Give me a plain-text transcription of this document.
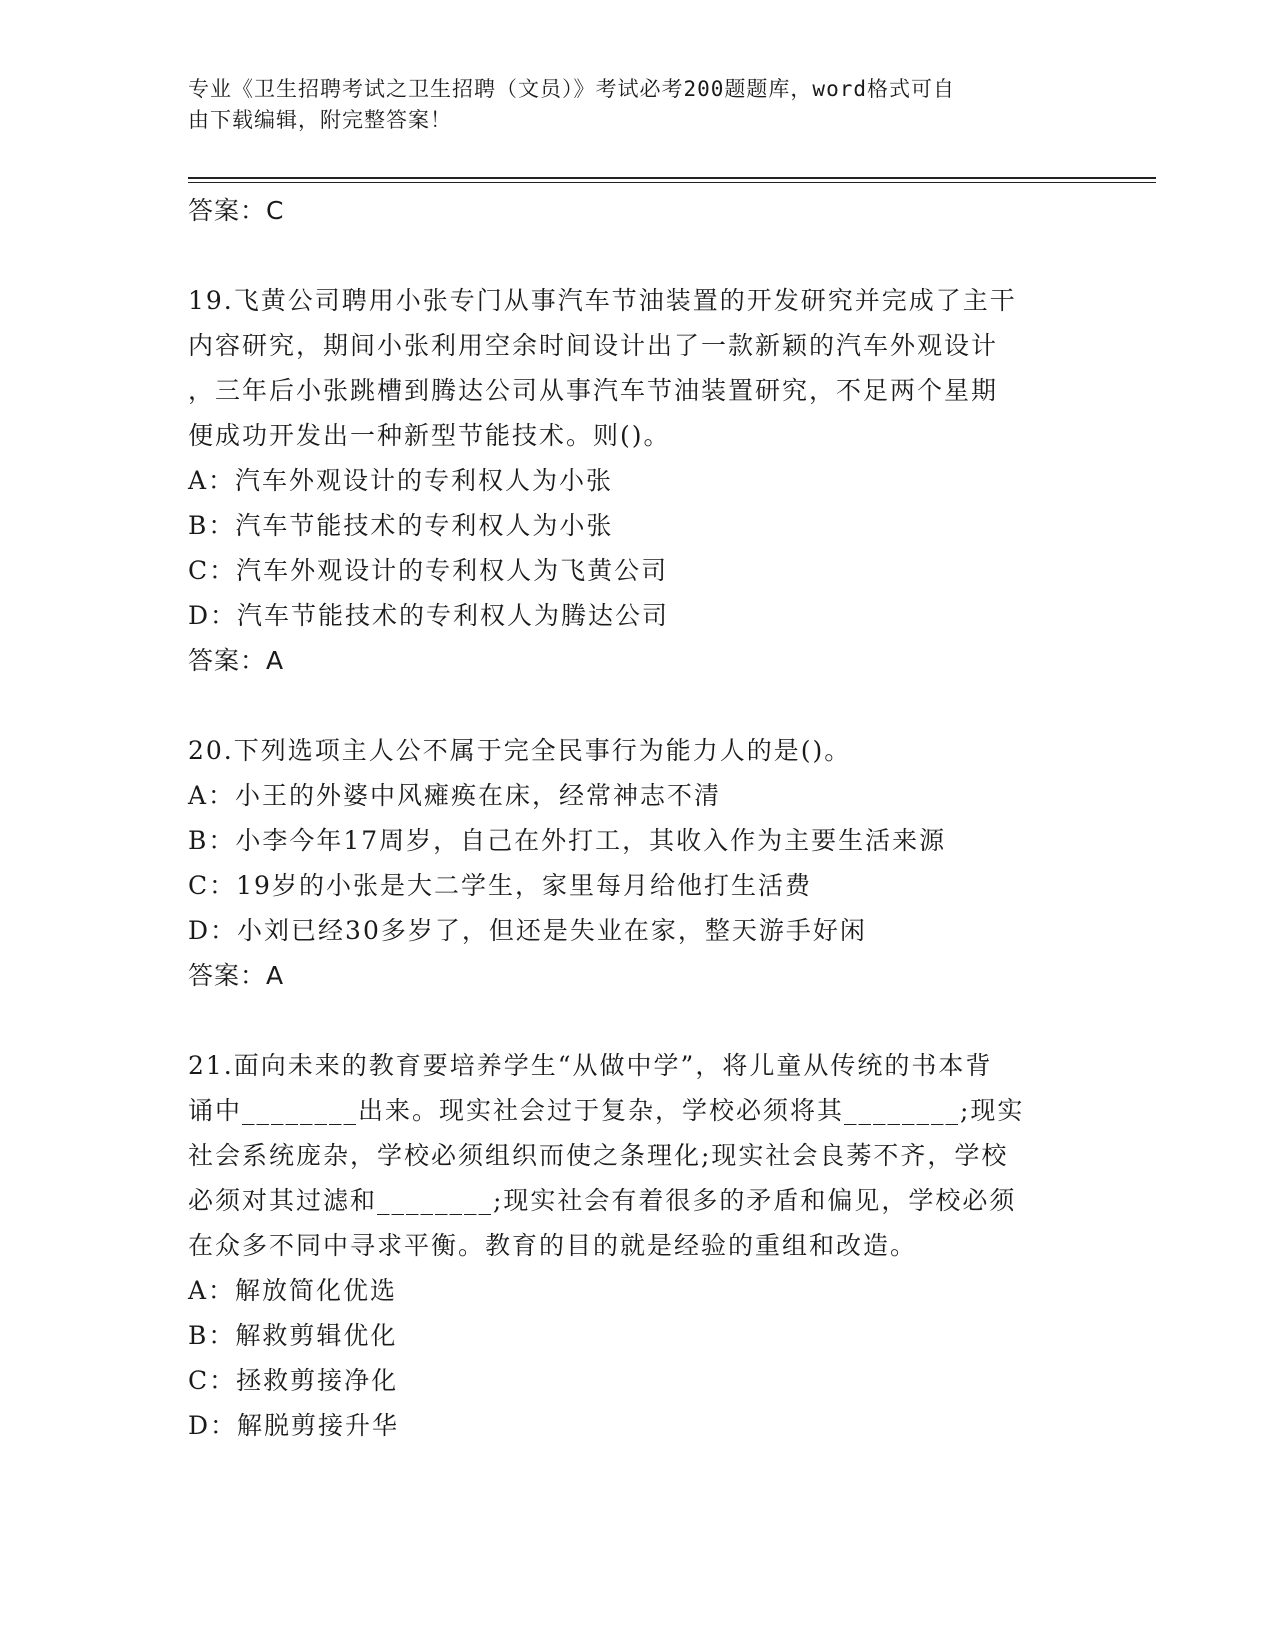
专业《卫生招聘考试之卫生招聘（文员）》考试必考200题题库，word格式可自
由下载编辑，附完整答案！
答案：C
19.飞黄公司聘用小张专门从事汽车节油装置的开发研究并完成了主干
内容研究，期间小张利用空余时间设计出了一款新颖的汽车外观设计
，三年后小张跳槽到腾达公司从事汽车节油装置研究，不足两个星期
便成功开发出一种新型节能技术。则()。
A：汽车外观设计的专利权人为小张
B：汽车节能技术的专利权人为小张
C：汽车外观设计的专利权人为飞黄公司
D：汽车节能技术的专利权人为腾达公司
答案：A
20.下列选项主人公不属于完全民事行为能力人的是()。
A：小王的外婆中风瘫痪在床，经常神志不清
B：小李今年17周岁，自己在外打工，其收入作为主要生活来源
C：19岁的小张是大二学生，家里每月给他打生活费
D：小刘已经30多岁了，但还是失业在家，整天游手好闲
答案：A
21.面向未来的教育要培养学生“从做中学”，将儿童从传统的书本背
诵中________出来。现实社会过于复杂，学校必须将其________;现实
社会系统庞杂，学校必须组织而使之条理化;现实社会良莠不齐，学校
必须对其过滤和________;现实社会有着很多的矛盾和偏见，学校必须
在众多不同中寻求平衡。教育的目的就是经验的重组和改造。
A：解放简化优选
B：解救剪辑优化
C：拯救剪接净化
D：解脱剪接升华
